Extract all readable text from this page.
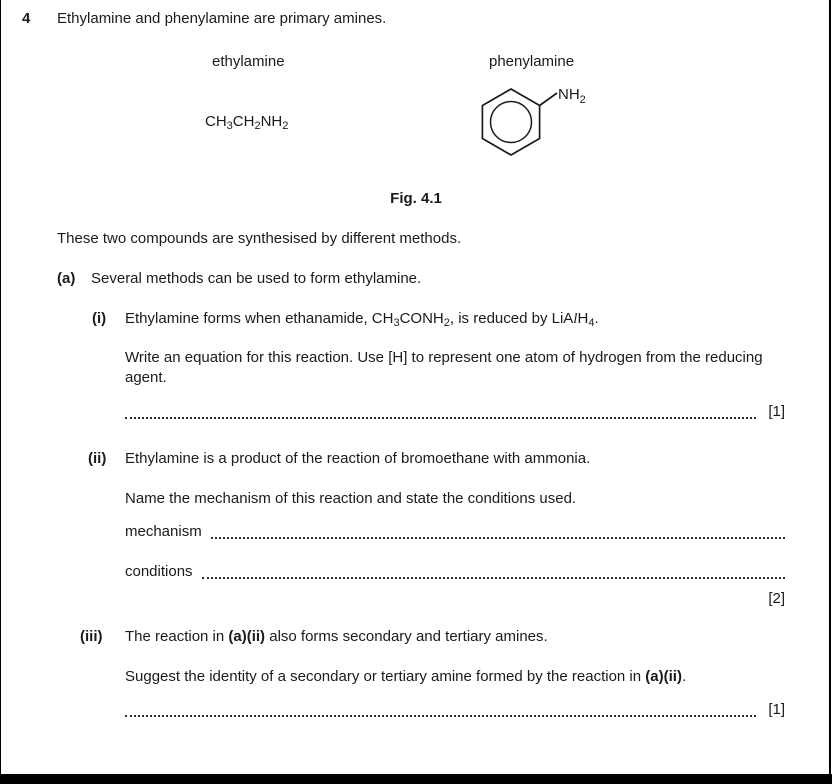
4 Ethylamine and phenylamine are primary amines.
ethylamine	phenylamine
$CH_3CH_2NH_2$
$NH_2$
Fig. 4.1
These two compounds are synthesised by different methods.
(a) Several methods can be used to form ethylamine.
(i) Ethylamine forms when ethanamide, $CH_3CONH_2$, is reduced by LiAlH$_4$.
Write an equation for this reaction. Use [H] to represent one atom of hydrogen from the reducing agent.
[1]
(ii) Ethylamine is a product of the reaction of bromoethane with ammonia.
Name the mechanism of this reaction and state the conditions used.
mechanism
conditions
[2]
(iii) The reaction in (a)(ii) also forms secondary and tertiary amines.
Suggest the identity of a secondary or tertiary amine formed by the reaction in (a)(ii).
[1]
